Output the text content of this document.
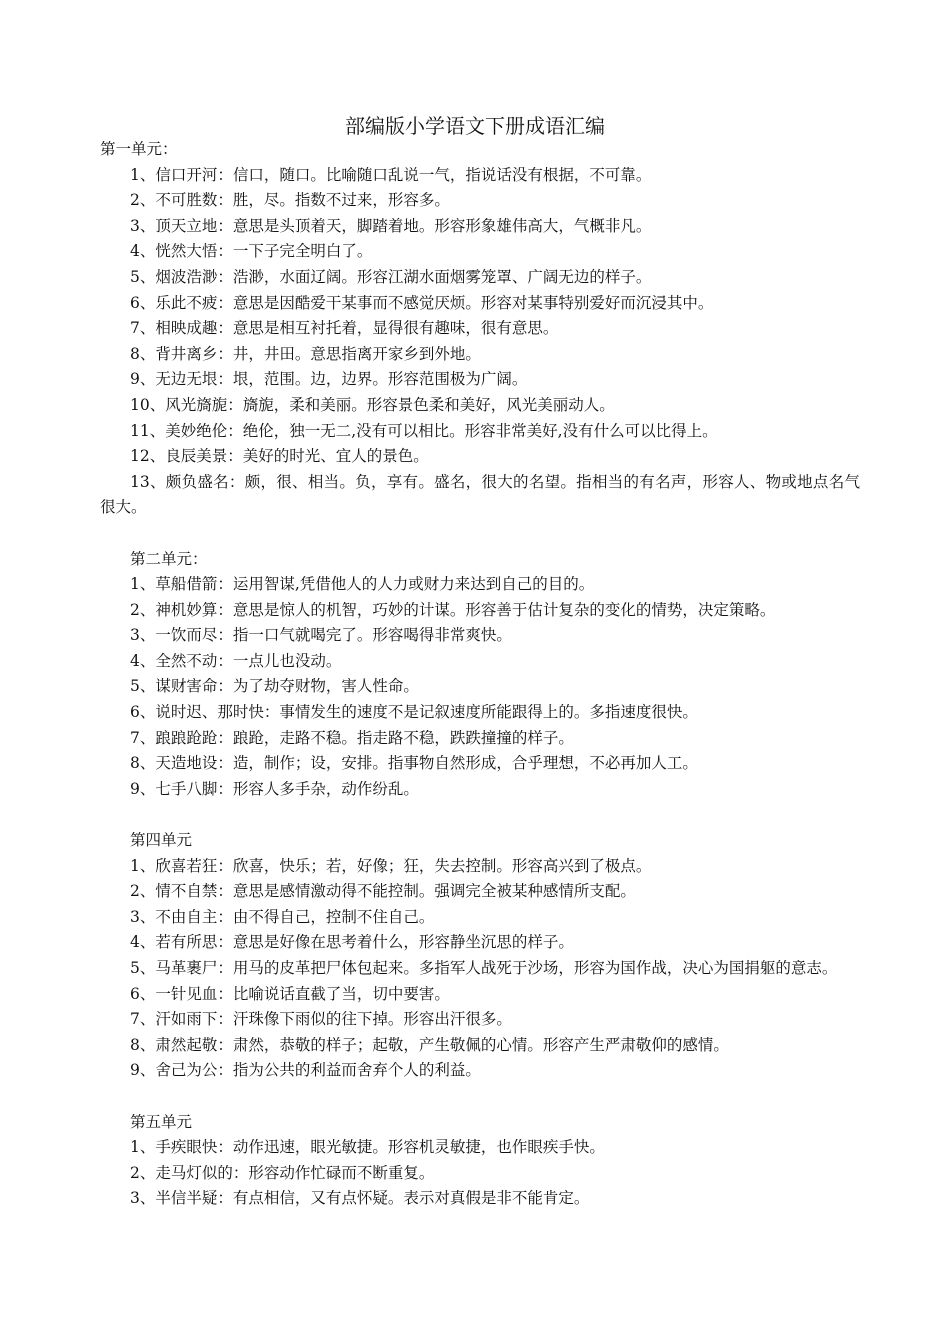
部编版小学语文下册成语汇编

第一单元：

1、信口开河：信口，随口。比喻随口乱说一气，指说话没有根据，不可靠。

2、不可胜数：胜，尽。指数不过来，形容多。

3、顶天立地：意思是头顶着天，脚踏着地。形容形象雄伟高大，气概非凡。

4、恍然大悟：一下子完全明白了。

5、烟波浩渺：浩渺，水面辽阔。形容江湖水面烟雾笼罩、广阔无边的样子。

6、乐此不疲：意思是因酷爱干某事而不感觉厌烦。形容对某事特别爱好而沉浸其中。

7、相映成趣：意思是相互衬托着，显得很有趣味，很有意思。

8、背井离乡：井，井田。意思指离开家乡到外地。

9、无边无垠：垠，范围。边，边界。形容范围极为广阔。

10、风光旖旎：旖旎，柔和美丽。形容景色柔和美好，风光美丽动人。

11、美妙绝伦：绝伦，独一无二,没有可以相比。形容非常美好,没有什么可以比得上。

12、良辰美景：美好的时光、宜人的景色。

13、颇负盛名：颇，很、相当。负，享有。盛名，很大的名望。指相当的有名声，形容人、物或地点名气很大。

第二单元：

1、草船借箭：运用智谋,凭借他人的人力或财力来达到自己的目的。

2、神机妙算：意思是惊人的机智，巧妙的计谋。形容善于估计复杂的变化的情势，决定策略。

3、一饮而尽：指一口气就喝完了。形容喝得非常爽快。

4、全然不动：一点儿也没动。

5、谋财害命：为了劫夺财物，害人性命。

6、说时迟、那时快：事情发生的速度不是记叙速度所能跟得上的。多指速度很快。

7、踉踉跄跄：踉跄，走路不稳。指走路不稳，跌跌撞撞的样子。

8、天造地设：造，制作；设，安排。指事物自然形成，合乎理想，不必再加人工。

9、七手八脚：形容人多手杂，动作纷乱。

第四单元

1、欣喜若狂：欣喜，快乐；若，好像；狂，失去控制。形容高兴到了极点。

2、情不自禁：意思是感情激动得不能控制。强调完全被某种感情所支配。

3、不由自主：由不得自己，控制不住自己。

4、若有所思：意思是好像在思考着什么，形容静坐沉思的样子。

5、马革裹尸：用马的皮革把尸体包起来。多指军人战死于沙场，形容为国作战，决心为国捐躯的意志。

6、一针见血：比喻说话直截了当，切中要害。

7、汗如雨下：汗珠像下雨似的往下掉。形容出汗很多。

8、肃然起敬：肃然，恭敬的样子；起敬，产生敬佩的心情。形容产生严肃敬仰的感情。

9、舍己为公：指为公共的利益而舍弃个人的利益。

第五单元

1、手疾眼快：动作迅速，眼光敏捷。形容机灵敏捷，也作眼疾手快。

2、走马灯似的：形容动作忙碌而不断重复。

3、半信半疑：有点相信，又有点怀疑。表示对真假是非不能肯定。
